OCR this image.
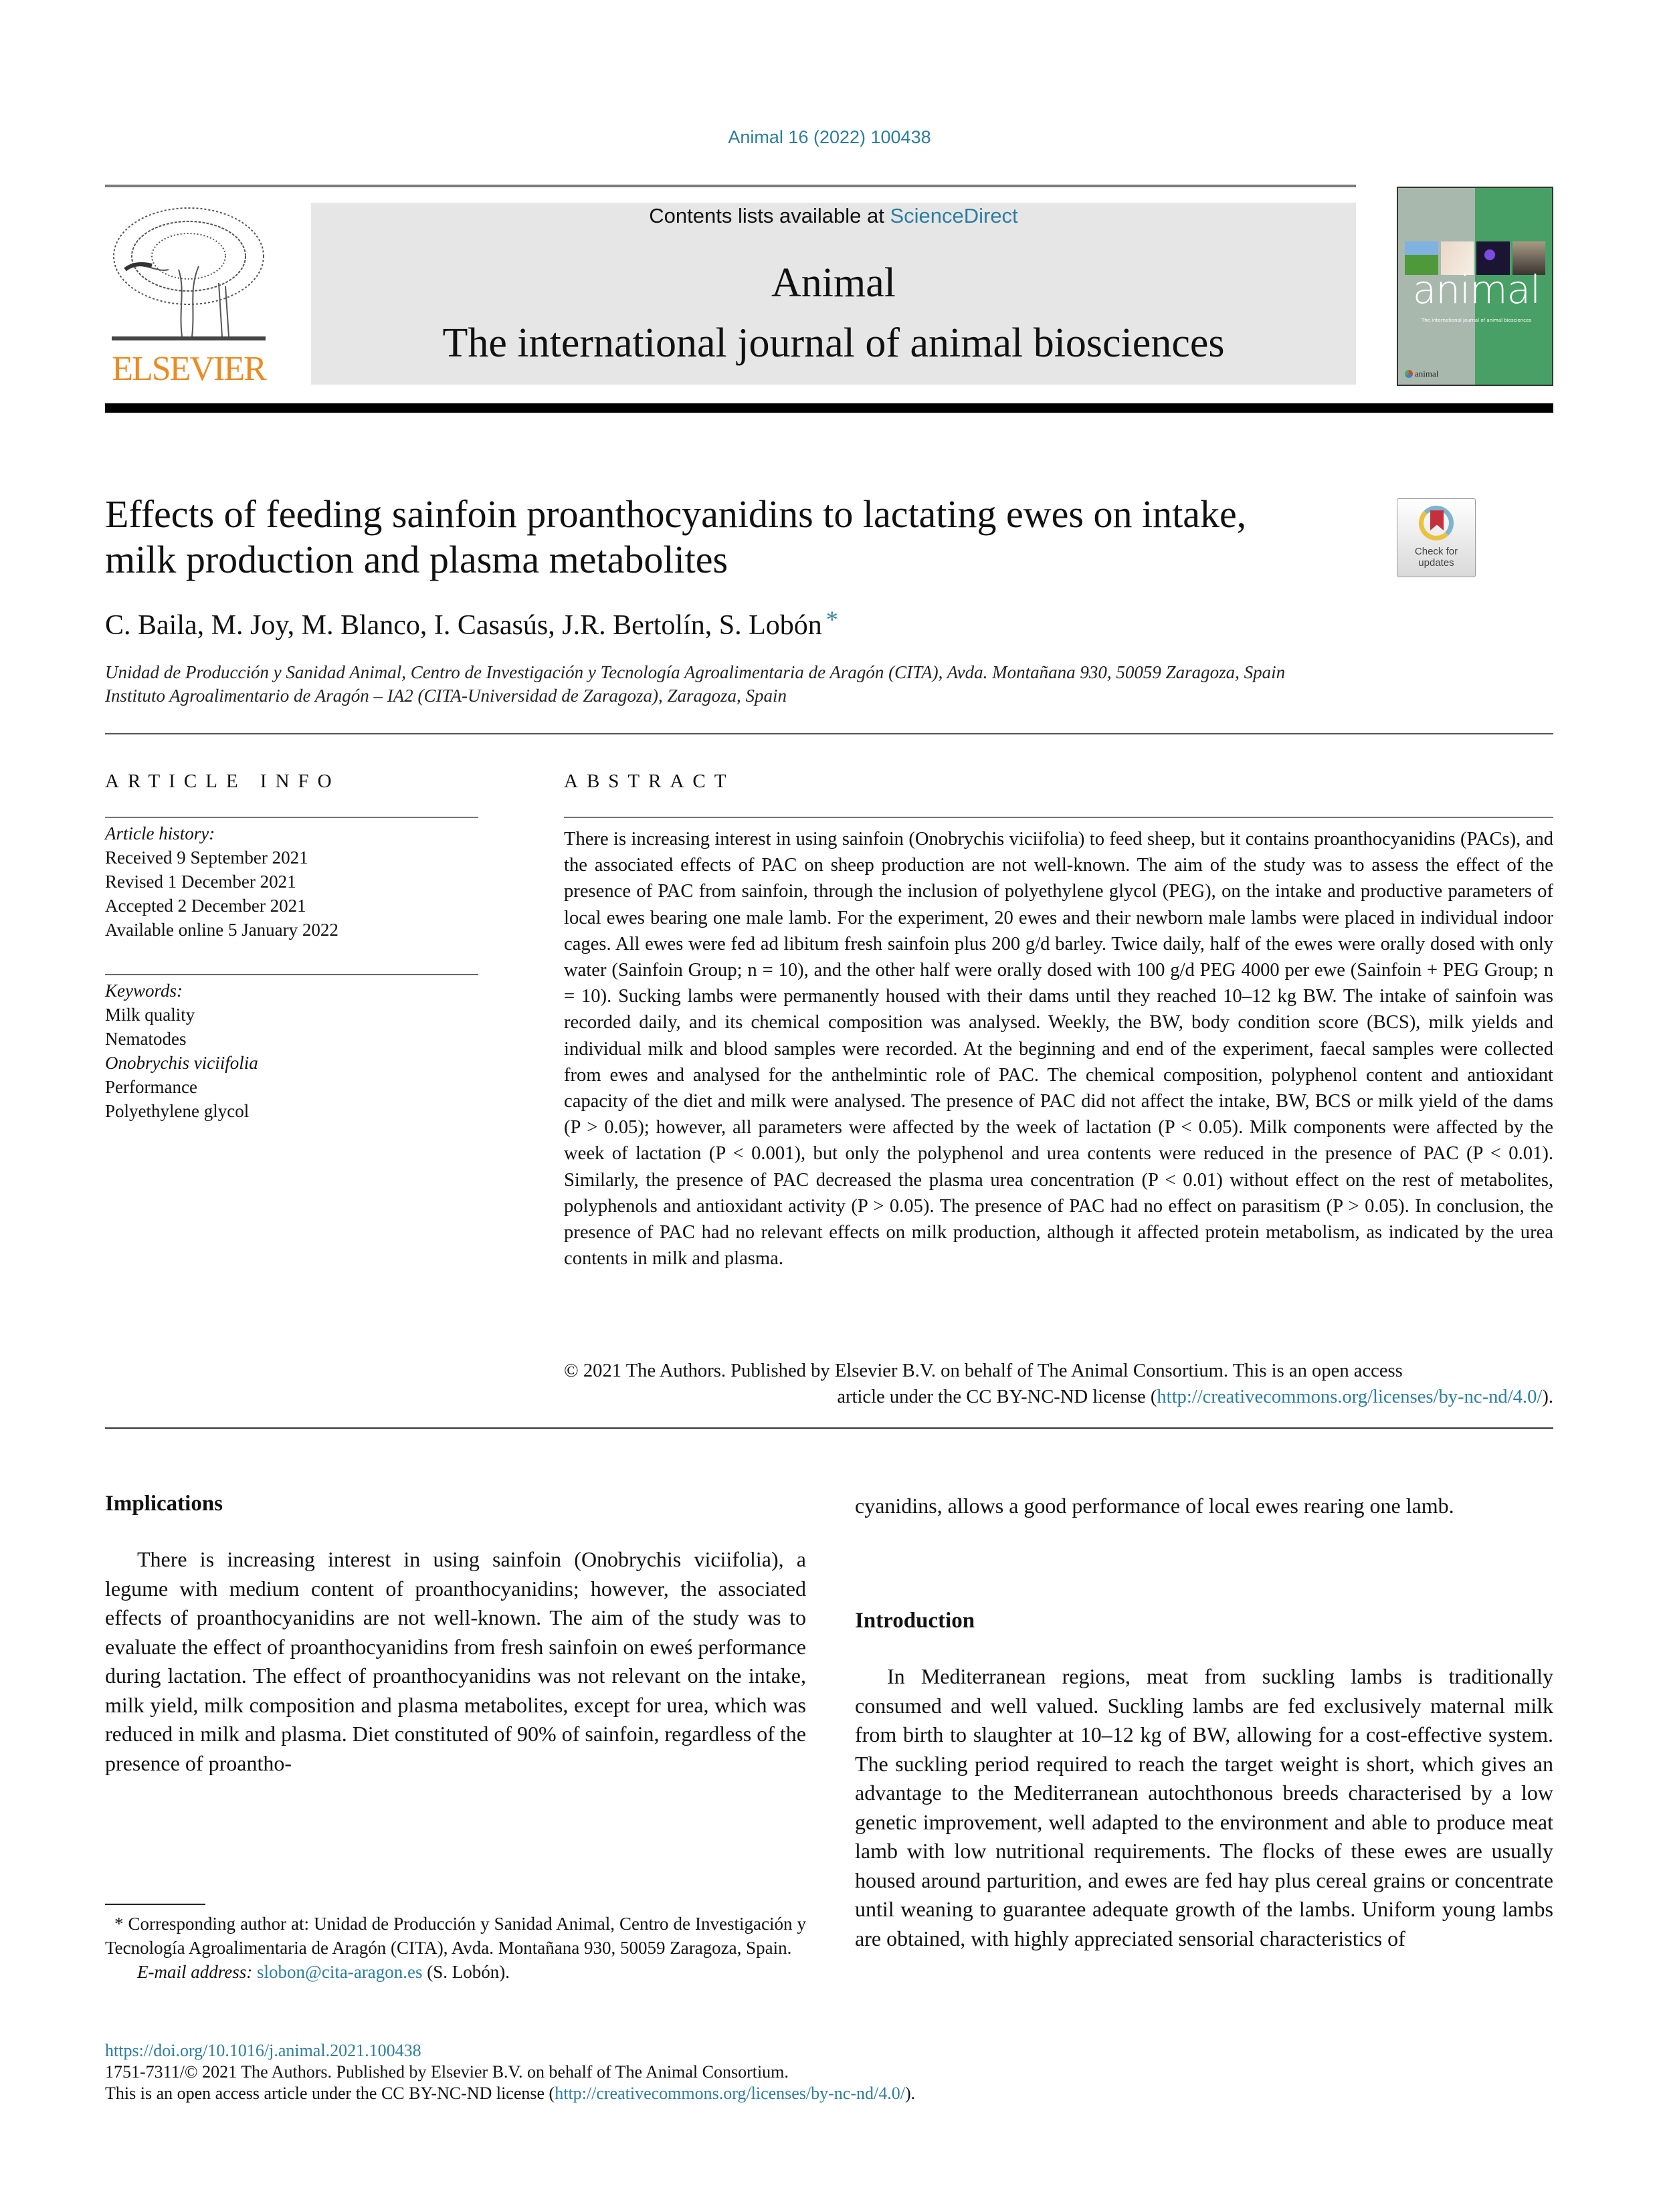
Animal 16 (2022) 100438
ELSEVIER
Contents lists available at ScienceDirect
Animal
The international journal of animal biosciences
animal
The international journal of animal biosciences
animal
Effects of feeding sainfoin proanthocyanidins to lactating ewes on intake,
milk production and plasma metabolites	Check for
updates
C. Baila, M. Joy, M. Blanco, I. Casasús, J.R. Bertolín, S. Lobón *
Unidad de Producción y Sanidad Animal, Centro de Investigación y Tecnología Agroalimentaria de Aragón (CITA), Avda. Montañana 930, 50059 Zaragoza, Spain
Instituto Agroalimentario de Aragón – IA2 (CITA-Universidad de Zaragoza), Zaragoza, Spain
ARTICLE INFO
Article history:
Received 9 September 2021
Revised 1 December 2021
Accepted 2 December 2021
Available online 5 January 2022
Keywords:
Milk quality
Nematodes
Onobrychis viciifolia
Performance
Polyethylene glycol
ABSTRACT
There is increasing interest in using sainfoin (Onobrychis viciifolia) to feed sheep, but it contains proanthocyanidins (PACs), and the associated effects of PAC on sheep production are not well-known. The aim of the study was to assess the effect of the presence of PAC from sainfoin, through the inclusion of polyethylene glycol (PEG), on the intake and productive parameters of local ewes bearing one male lamb. For the experiment, 20 ewes and their newborn male lambs were placed in individual indoor cages. All ewes were fed ad libitum fresh sainfoin plus 200 g/d barley. Twice daily, half of the ewes were orally dosed with only water (Sainfoin Group; n = 10), and the other half were orally dosed with 100 g/d PEG 4000 per ewe (Sainfoin + PEG Group; n = 10). Sucking lambs were permanently housed with their dams until they reached 10–12 kg BW. The intake of sainfoin was recorded daily, and its chemical composition was analysed. Weekly, the BW, body condition score (BCS), milk yields and individual milk and blood samples were recorded. At the beginning and end of the experiment, faecal samples were collected from ewes and analysed for the anthelmintic role of PAC. The chemical composition, polyphenol content and antioxidant capacity of the diet and milk were analysed. The presence of PAC did not affect the intake, BW, BCS or milk yield of the dams (P > 0.05); however, all parameters were affected by the week of lactation (P < 0.05). Milk components were affected by the week of lactation (P < 0.001), but only the polyphenol and urea contents were reduced in the presence of PAC (P < 0.01). Similarly, the presence of PAC decreased the plasma urea concentration (P < 0.01) without effect on the rest of metabolites, polyphenols and antioxidant activity (P > 0.05). The presence of PAC had no effect on parasitism (P > 0.05). In conclusion, the presence of PAC had no relevant effects on milk production, although it affected protein metabolism, as indicated by the urea contents in milk and plasma.
© 2021 The Authors. Published by Elsevier B.V. on behalf of The Animal Consortium. This is an open access
article under the CC BY-NC-ND license (http://creativecommons.org/licenses/by-nc-nd/4.0/).
Implications

There is increasing interest in using sainfoin (Onobrychis viciifolia), a legume with medium content of proanthocyanidins; however, the associated effects of proanthocyanidins are not well-known. The aim of the study was to evaluate the effect of proanthocyanidins from fresh sainfoin on eweś performance during lactation. The effect of proanthocyanidins was not relevant on the intake, milk yield, milk composition and plasma metabolites, except for urea, which was reduced in milk and plasma. Diet constituted of 90% of sainfoin, regardless of the presence of proantho-

* Corresponding author at: Unidad de Producción y Sanidad Animal, Centro de Investigación y Tecnología Agroalimentaria de Aragón (CITA), Avda. Montañana 930, 50059 Zaragoza, Spain.
E-mail address: slobon@cita-aragon.es (S. Lobón).
cyanidins, allows a good performance of local ewes rearing one lamb.
Introduction

In Mediterranean regions, meat from suckling lambs is traditionally consumed and well valued. Suckling lambs are fed exclusively maternal milk from birth to slaughter at 10–12 kg of BW, allowing for a cost-effective system. The suckling period required to reach the target weight is short, which gives an advantage to the Mediterranean autochthonous breeds characterised by a low genetic improvement, well adapted to the environment and able to produce meat lamb with low nutritional requirements. The flocks of these ewes are usually housed around parturition, and ewes are fed hay plus cereal grains or concentrate until weaning to guarantee adequate growth of the lambs. Uniform young lambs are obtained, with highly appreciated sensorial characteristics of

https://doi.org/10.1016/j.animal.2021.100438
1751-7311/© 2021 The Authors. Published by Elsevier B.V. on behalf of The Animal Consortium.
This is an open access article under the CC BY-NC-ND license (http://creativecommons.org/licenses/by-nc-nd/4.0/).
